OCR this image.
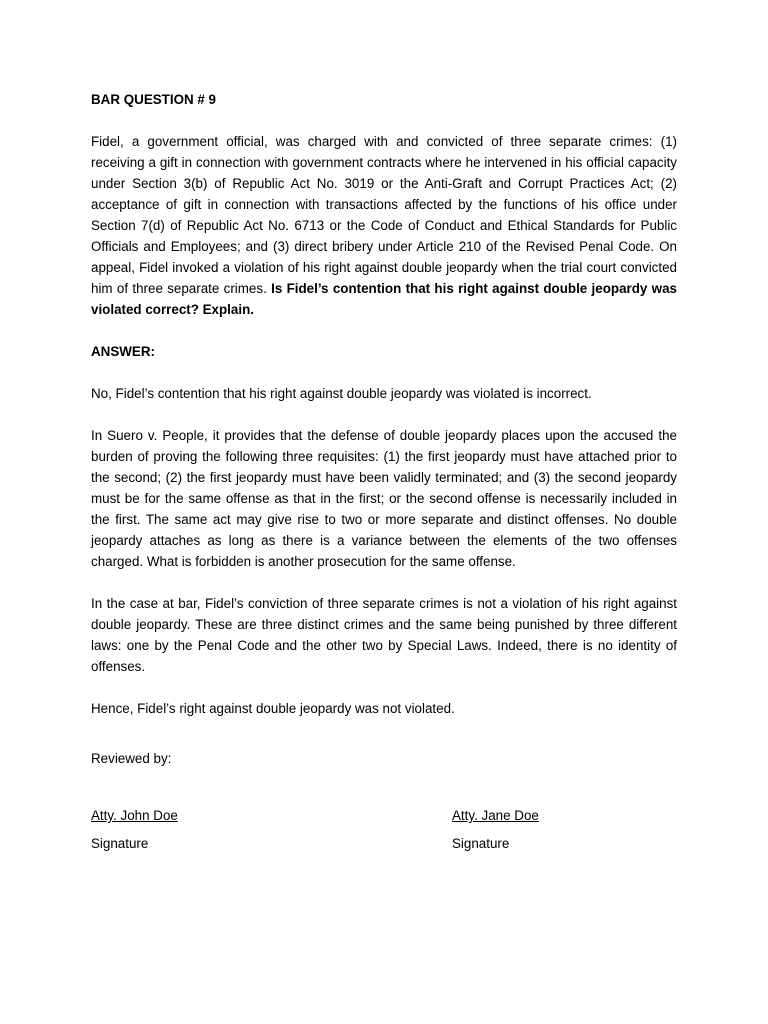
BAR QUESTION # 9

Fidel, a government official, was charged with and convicted of three separate crimes: (1) receiving a gift in connection with government contracts where he intervened in his official capacity under Section 3(b) of Republic Act No. 3019 or the Anti-Graft and Corrupt Practices Act; (2) acceptance of gift in connection with transactions affected by the functions of his office under Section 7(d) of Republic Act No. 6713 or the Code of Conduct and Ethical Standards for Public Officials and Employees; and (3) direct bribery under Article 210 of the Revised Penal Code. On appeal, Fidel invoked a violation of his right against double jeopardy when the trial court convicted him of three separate crimes. Is Fidel’s contention that his right against double jeopardy was violated correct? Explain.

ANSWER:

No, Fidel’s contention that his right against double jeopardy was violated is incorrect.

In Suero v. People, it provides that the defense of double jeopardy places upon the accused the burden of proving the following three requisites: (1) the first jeopardy must have attached prior to the second; (2) the first jeopardy must have been validly terminated; and (3) the second jeopardy must be for the same offense as that in the first; or the second offense is necessarily included in the first. The same act may give rise to two or more separate and distinct offenses. No double jeopardy attaches as long as there is a variance between the elements of the two offenses charged. What is forbidden is another prosecution for the same offense.

In the case at bar, Fidel’s conviction of three separate crimes is not a violation of his right against double jeopardy. These are three distinct crimes and the same being punished by three different laws: one by the Penal Code and the other two by Special Laws. Indeed, there is no identity of offenses.

Hence, Fidel’s right against double jeopardy was not violated.

Reviewed by:

Atty. John Doe
Signature
Atty. Jane Doe
Signature
